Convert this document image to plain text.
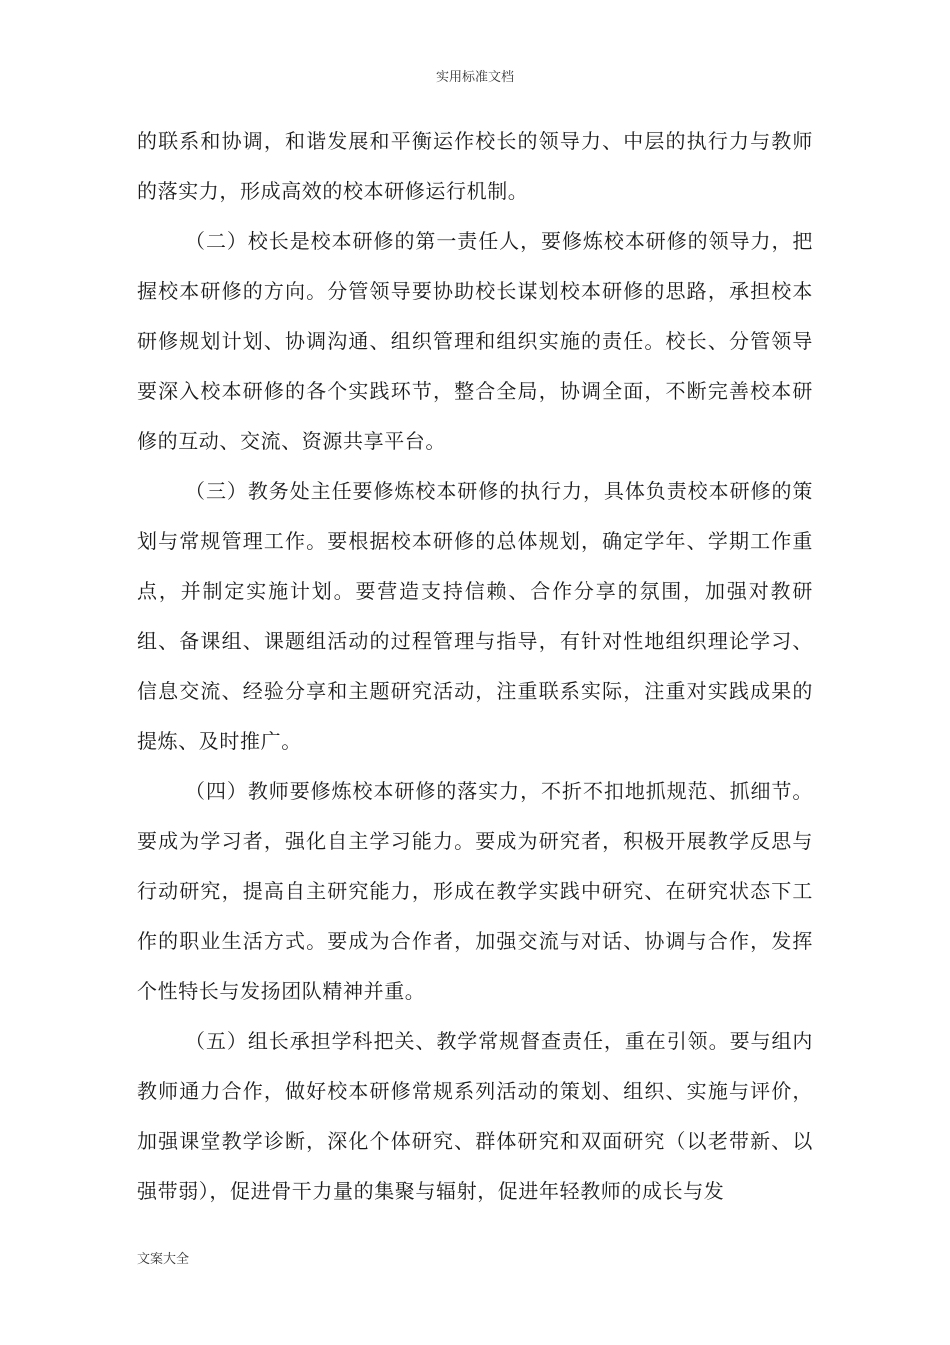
实用标准文档

的联系和协调，和谐发展和平衡运作校长的领导力、中层的执行力与教师的落实力，形成高效的校本研修运行机制。

（二）校长是校本研修的第一责任人，要修炼校本研修的领导力，把握校本研修的方向。分管领导要协助校长谋划校本研修的思路，承担校本研修规划计划、协调沟通、组织管理和组织实施的责任。校长、分管领导要深入校本研修的各个实践环节，整合全局，协调全面，不断完善校本研修的互动、交流、资源共享平台。

（三）教务处主任要修炼校本研修的执行力，具体负责校本研修的策划与常规管理工作。要根据校本研修的总体规划，确定学年、学期工作重点，并制定实施计划。要营造支持信赖、合作分享的氛围，加强对教研组、备课组、课题组活动的过程管理与指导，有针对性地组织理论学习、信息交流、经验分享和主题研究活动，注重联系实际，注重对实践成果的提炼、及时推广。

（四）教师要修炼校本研修的落实力，不折不扣地抓规范、抓细节。要成为学习者，强化自主学习能力。要成为研究者，积极开展教学反思与行动研究，提高自主研究能力，形成在教学实践中研究、在研究状态下工作的职业生活方式。要成为合作者，加强交流与对话、协调与合作，发挥个性特长与发扬团队精神并重。

（五）组长承担学科把关、教学常规督查责任，重在引领。要与组内教师通力合作，做好校本研修常规系列活动的策划、组织、实施与评价，加强课堂教学诊断，深化个体研究、群体研究和双面研究（以老带新、以强带弱），促进骨干力量的集聚与辐射，促进年轻教师的成长与发

文案大全
